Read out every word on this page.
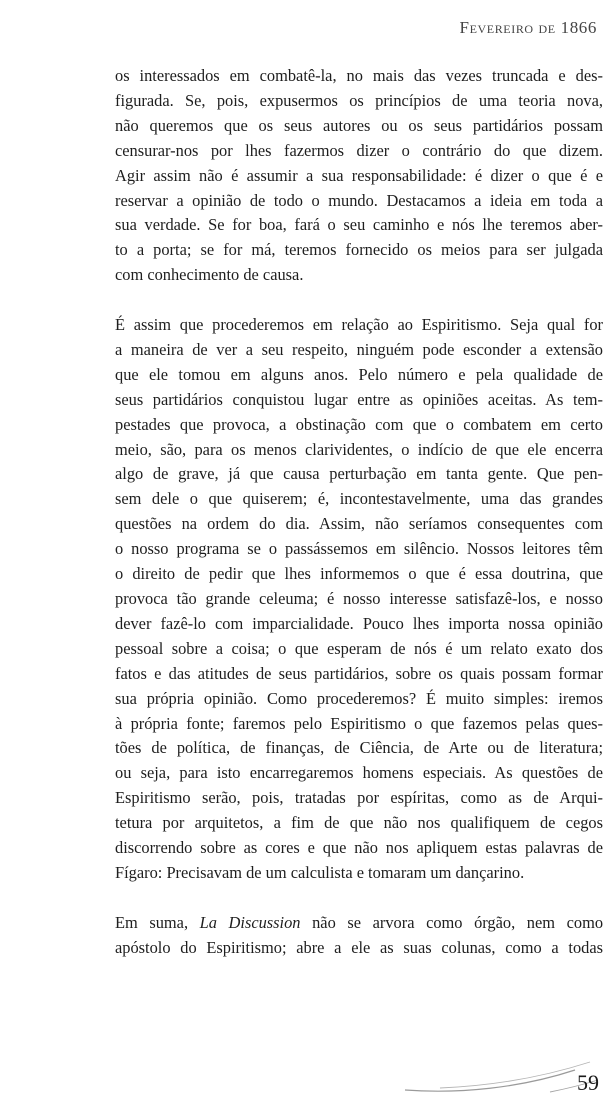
Fevereiro de 1866

os interessados em combatê-la, no mais das vezes truncada e des-

figurada. Se, pois, expusermos os princípios de uma teoria nova,

não queremos que os seus autores ou os seus partidários possam

censurar-nos por lhes fazermos dizer o contrário do que dizem.

Agir assim não é assumir a sua responsabilidade: é dizer o que é e

reservar a opinião de todo o mundo. Destacamos a ideia em toda a

sua verdade. Se for boa, fará o seu caminho e nós lhe teremos aber-

to a porta; se for má, teremos fornecido os meios para ser julgada

com conhecimento de causa.

É assim que procederemos em relação ao Espiritismo. Seja qual for

a maneira de ver a seu respeito, ninguém pode esconder a extensão

que ele tomou em alguns anos. Pelo número e pela qualidade de

seus partidários conquistou lugar entre as opiniões aceitas. As tem-

pestades que provoca, a obstinação com que o combatem em certo

meio, são, para os menos clarividentes, o indício de que ele encerra

algo de grave, já que causa perturbação em tanta gente. Que pen-

sem dele o que quiserem; é, incontestavelmente, uma das grandes

questões na ordem do dia. Assim, não seríamos consequentes com

o nosso programa se o passássemos em silêncio. Nossos leitores têm

o direito de pedir que lhes informemos o que é essa doutrina, que

provoca tão grande celeuma; é nosso interesse satisfazê-los, e nosso

dever fazê-lo com imparcialidade. Pouco lhes importa nossa opinião

pessoal sobre a coisa; o que esperam de nós é um relato exato dos

fatos e das atitudes de seus partidários, sobre os quais possam formar

sua própria opinião. Como procederemos? É muito simples: iremos

à própria fonte; faremos pelo Espiritismo o que fazemos pelas ques-

tões de política, de finanças, de Ciência, de Arte ou de literatura;

ou seja, para isto encarregaremos homens especiais. As questões de

Espiritismo serão, pois, tratadas por espíritas, como as de Arqui-

tetura por arquitetos, a fim de que não nos qualifiquem de cegos

discorrendo sobre as cores e que não nos apliquem estas palavras de

Fígaro: Precisavam de um calculista e tomaram um dançarino.

Em suma, La Discussion não se arvora como órgão, nem como

apóstolo do Espiritismo; abre a ele as suas colunas, como a todas

59
